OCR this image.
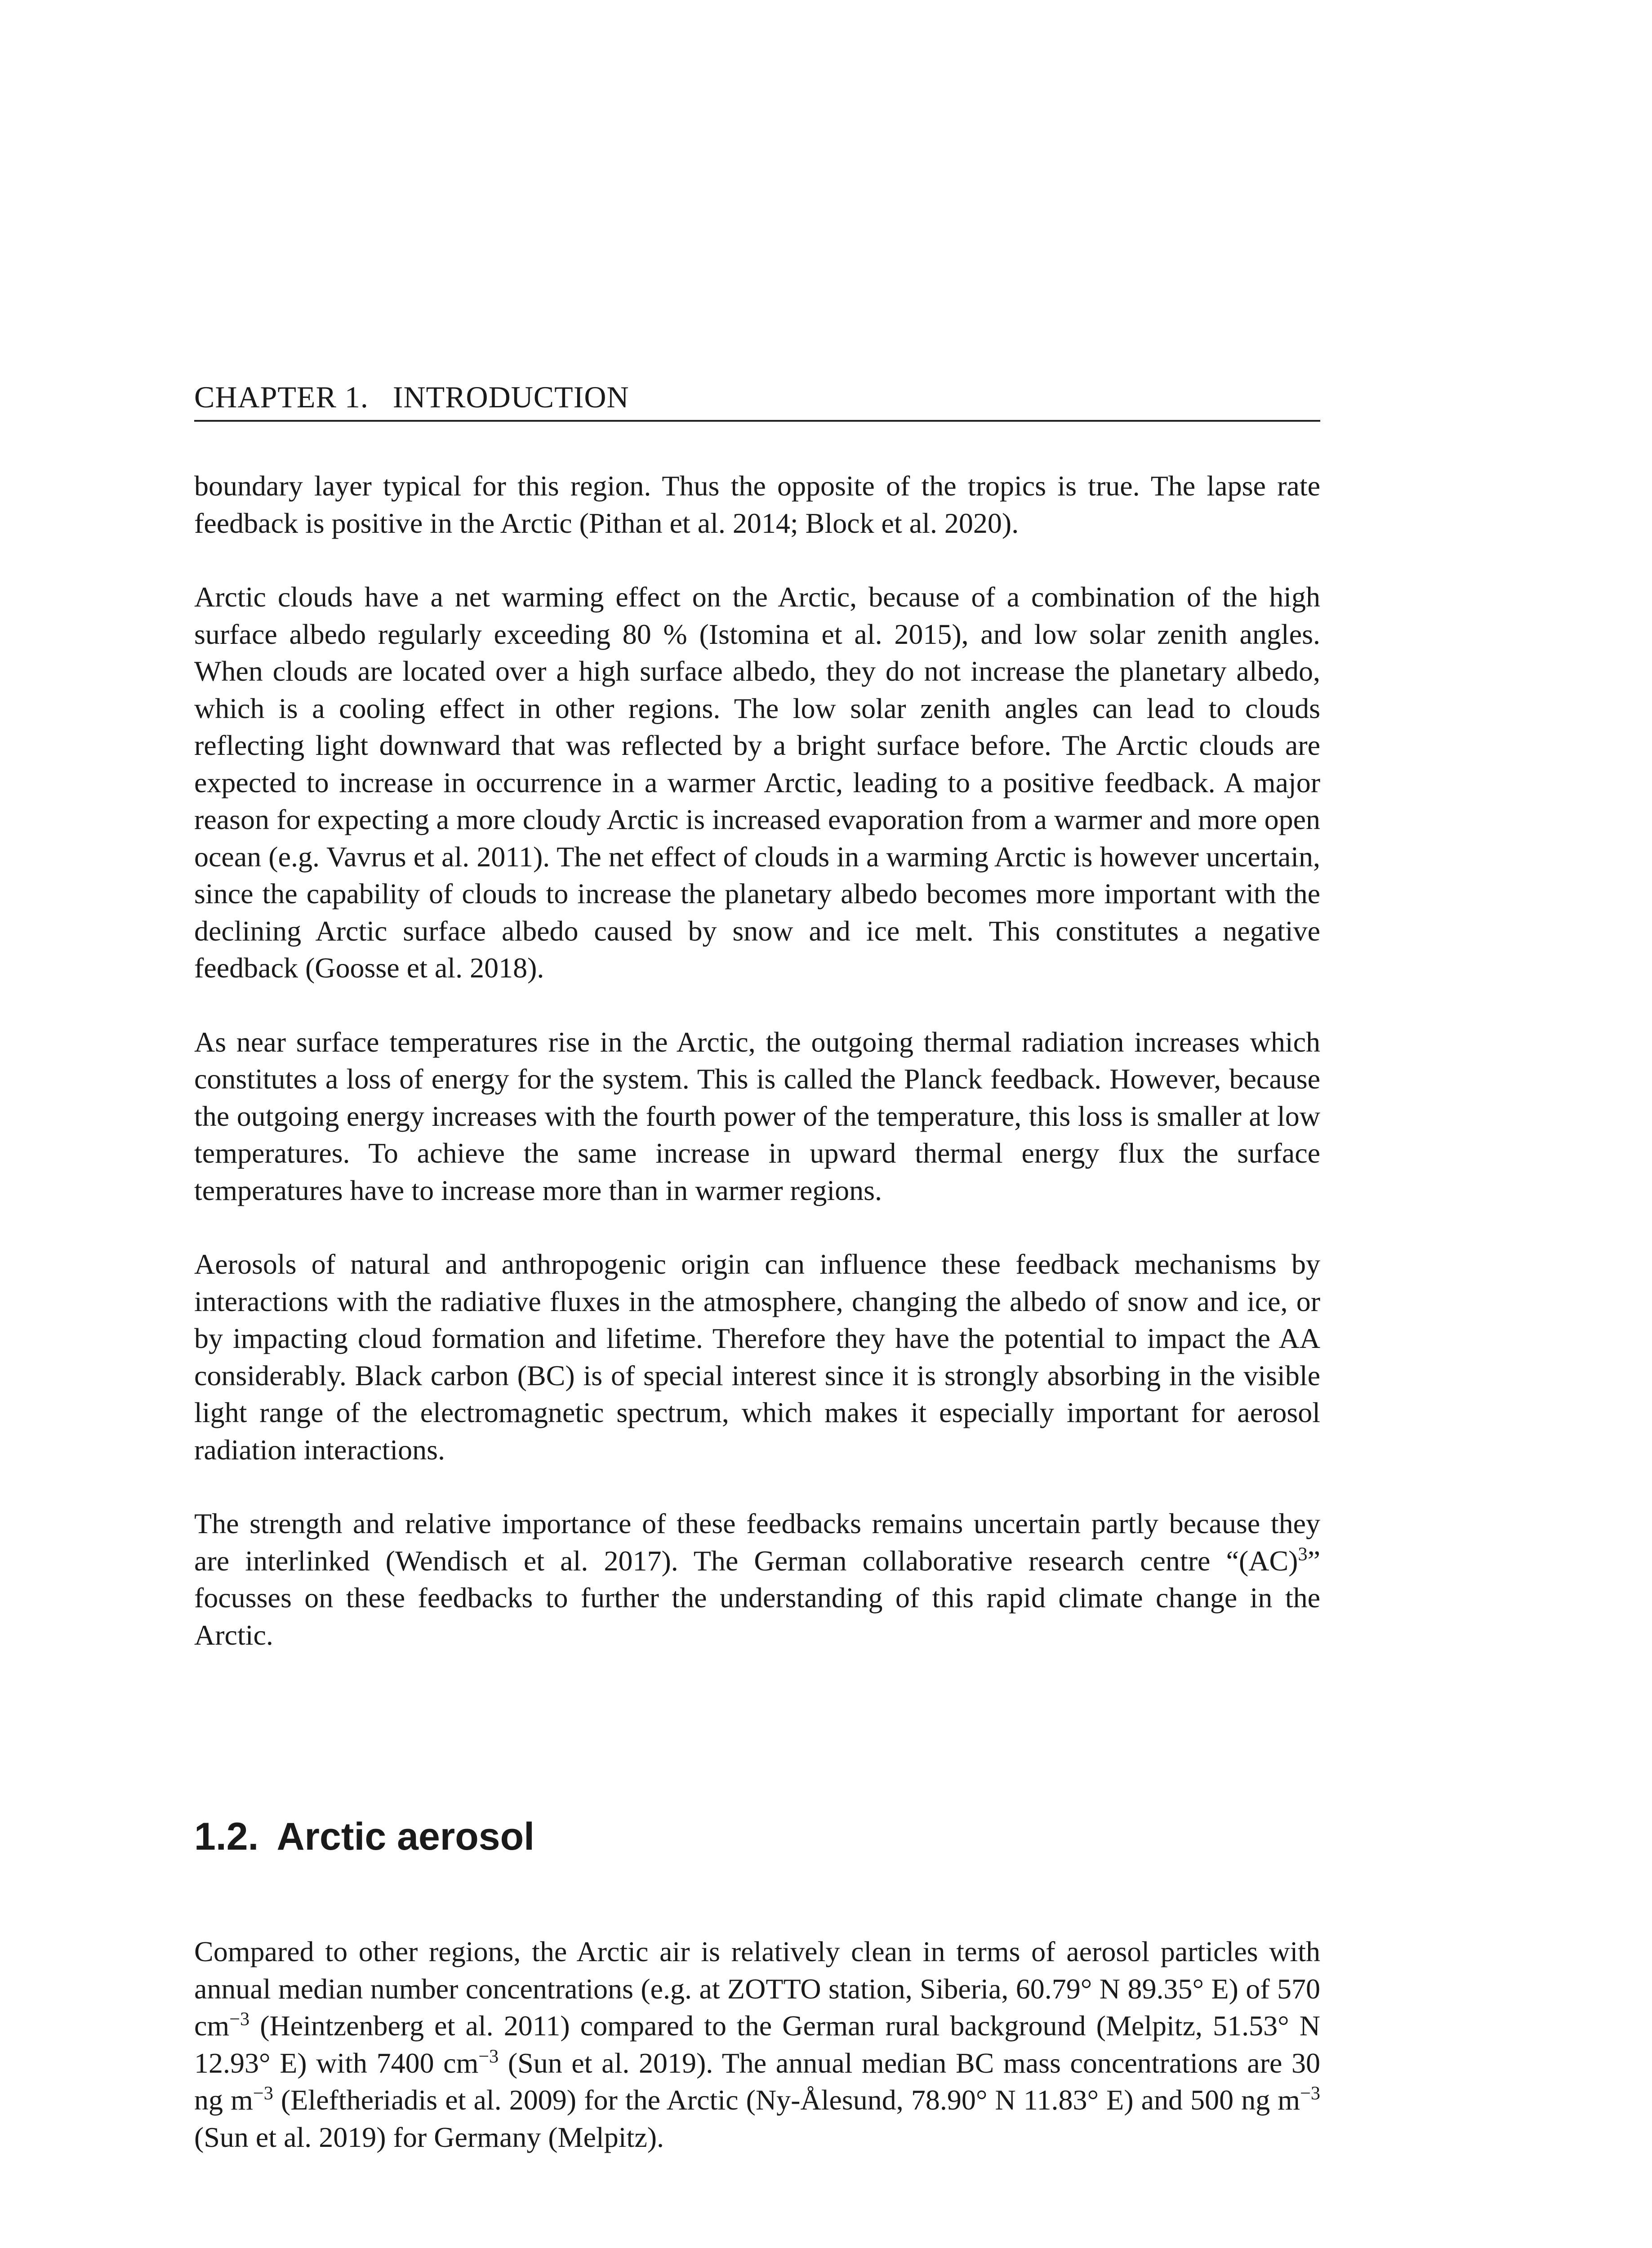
CHAPTER 1. INTRODUCTION

boundary layer typical for this region. Thus the opposite of the tropics is true. The lapse rate feedback is positive in the Arctic (Pithan et al. 2014; Block et al. 2020).

Arctic clouds have a net warming effect on the Arctic, because of a combination of the high surface albedo regularly exceeding 80 % (Istomina et al. 2015), and low solar zenith angles. When clouds are located over a high surface albedo, they do not increase the planetary albedo, which is a cooling effect in other regions. The low solar zenith angles can lead to clouds reflecting light downward that was reflected by a bright surface before. The Arctic clouds are expected to increase in occurrence in a warmer Arctic, leading to a positive feedback. A major reason for expecting a more cloudy Arctic is increased evaporation from a warmer and more open ocean (e.g. Vavrus et al. 2011). The net effect of clouds in a warming Arctic is however uncertain, since the capability of clouds to increase the planetary albedo becomes more important with the declining Arctic surface albedo caused by snow and ice melt. This constitutes a negative feedback (Goosse et al. 2018).

As near surface temperatures rise in the Arctic, the outgoing thermal radiation increases which constitutes a loss of energy for the system. This is called the Planck feedback. However, because the outgoing energy increases with the fourth power of the temperature, this loss is smaller at low temperatures. To achieve the same increase in upward thermal energy flux the surface temperatures have to increase more than in warmer regions.

Aerosols of natural and anthropogenic origin can influence these feedback mechanisms by interactions with the radiative fluxes in the atmosphere, changing the albedo of snow and ice, or by impacting cloud formation and lifetime. Therefore they have the potential to impact the AA considerably. Black carbon (BC) is of special interest since it is strongly absorbing in the visible light range of the electromagnetic spectrum, which makes it especially important for aerosol radiation interactions.

The strength and relative importance of these feedbacks remains uncertain partly because they are interlinked (Wendisch et al. 2017). The German collaborative research centre “(AC)$^3$” focusses on these feedbacks to further the understanding of this rapid climate change in the Arctic.

1.2. Arctic aerosol

Compared to other regions, the Arctic air is relatively clean in terms of aerosol particles with annual median number concentrations (e.g. at ZOTTO station, Siberia, 60.79° N 89.35° E) of 570 $cm^{-3}$ (Heintzenberg et al. 2011) compared to the German rural background (Melpitz, 51.53° N 12.93° E) with 7400 $cm^{-3}$ (Sun et al. 2019). The annual median BC mass concentrations are 30 ng $m^{-3}$ (Eleftheriadis et al. 2009) for the Arctic (Ny-Ålesund, 78.90° N 11.83° E) and 500 ng $m^{-3}$ (Sun et al. 2019) for Germany (Melpitz).
